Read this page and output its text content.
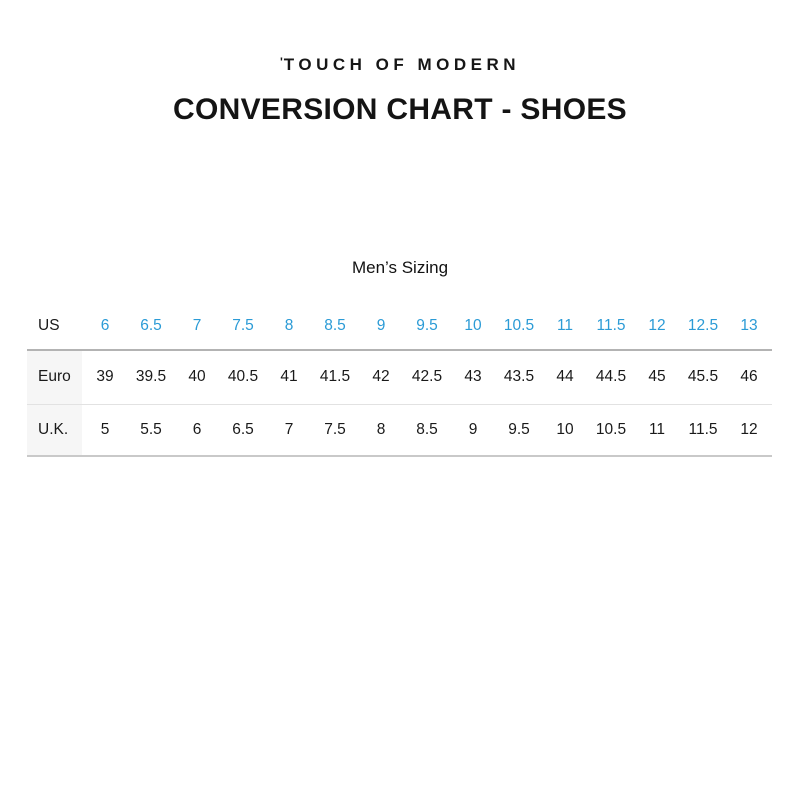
'TOUCH OF MODERN
CONVERSION CHART - SHOES
Men’s Sizing
US	6	6.5	7	7.5	8	8.5	9	9.5	10	10.5	11	11.5	12	12.5	13
Euro	39	39.5	40	40.5	41	41.5	42	42.5	43	43.5	44	44.5	45	45.5	46
U.K.	5	5.5	6	6.5	7	7.5	8	8.5	9	9.5	10	10.5	11	11.5	12
